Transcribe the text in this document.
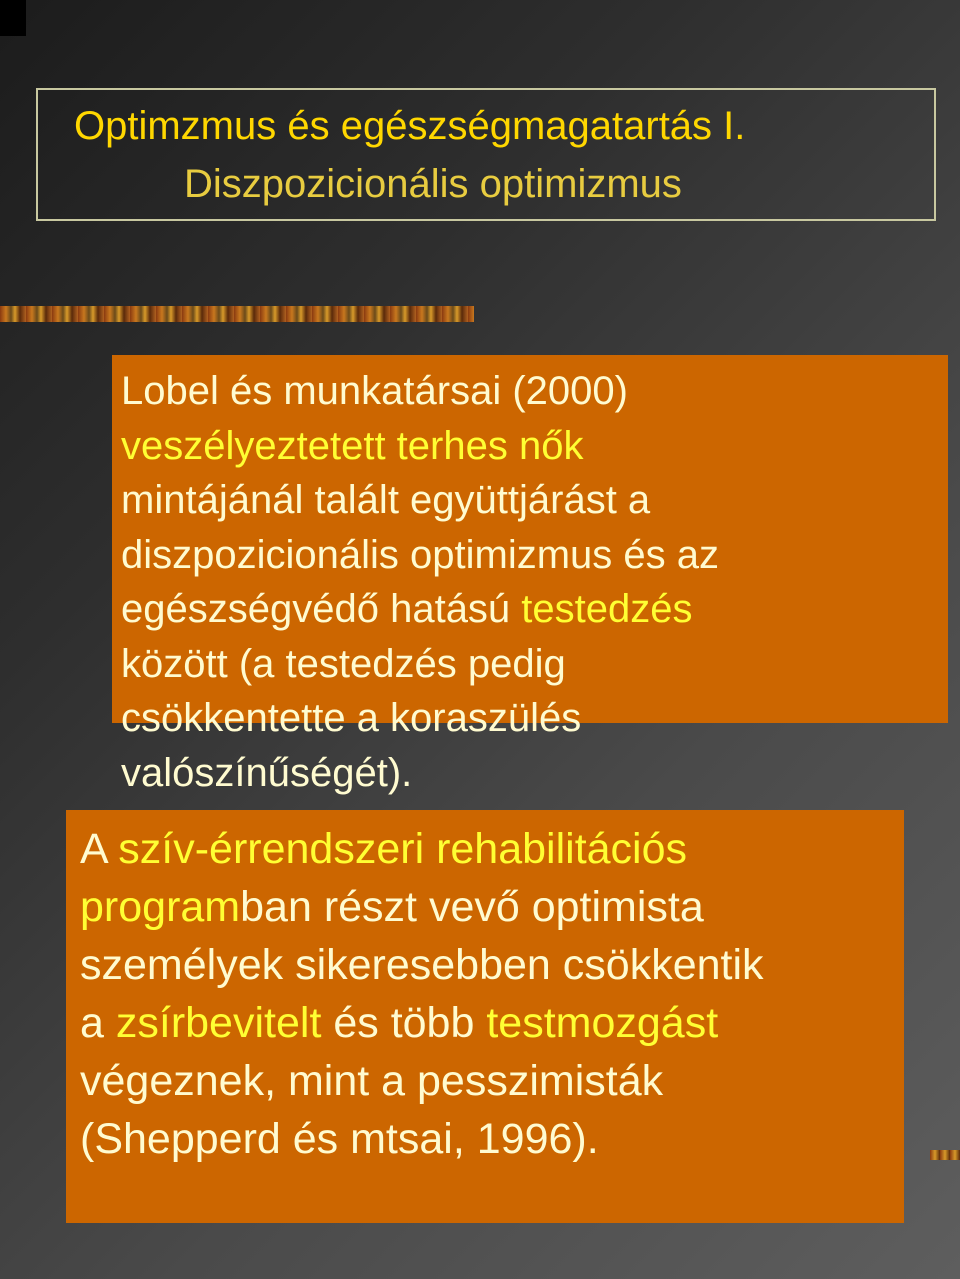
Optimzmus és egészségmagatartás I.
Diszpozicionális optimizmus
Lobel és munkatársai (2000)
veszélyeztetett terhes nők
mintájánál talált együttjárást a
diszpozicionális optimizmus és az
egészségvédő hatású testedzés
között (a testedzés pedig
csökkentette a koraszülés
valószínűségét).
A szív-érrendszeri rehabilitációs
programban részt vevő optimista
személyek sikeresebben csökkentik
a zsírbevitelt és több testmozgást
végeznek, mint a pesszimisták
(Shepperd és mtsai, 1996).
